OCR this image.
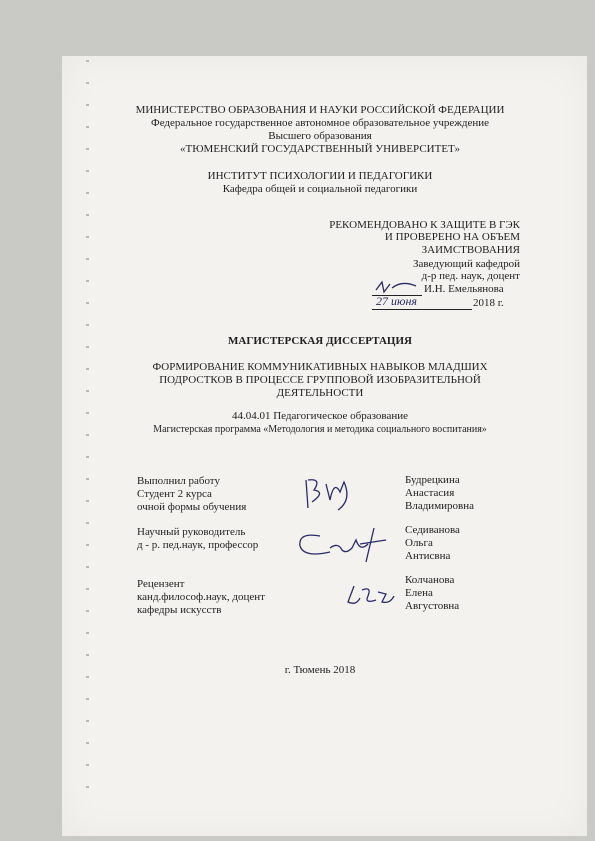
МИНИСТЕРСТВО ОБРАЗОВАНИЯ И НАУКИ РОССИЙСКОЙ ФЕДЕРАЦИИ
Федеральное государственное автономное образовательное учреждение
Высшего образования
«ТЮМЕНСКИЙ ГОСУДАРСТВЕННЫЙ УНИВЕРСИТЕТ»
ИНСТИТУТ ПСИХОЛОГИИ И ПЕДАГОГИКИ
Кафедра общей и социальной педагогики
РЕКОМЕНДОВАНО К ЗАЩИТЕ В ГЭК
И ПРОВЕРЕНО НА ОБЪЕМ
ЗАИМСТВОВАНИЯ
Заведующий кафедрой
д-р пед. наук, доцент
И.Н. Емельянова
27 июня	2018 г.
МАГИСТЕРСКАЯ ДИССЕРТАЦИЯ
ФОРМИРОВАНИЕ КОММУНИКАТИВНЫХ НАВЫКОВ МЛАДШИХ
ПОДРОСТКОВ В ПРОЦЕССЕ ГРУППОВОЙ ИЗОБРАЗИТЕЛЬНОЙ
ДЕЯТЕЛЬНОСТИ
44.04.01 Педагогическое образование
Магистерская программа «Методология и методика социального воспитания»
Выполнил работу
Студент 2 курса
очной формы обучения
Будрецкина
Анастасия
Владимировна
Научный руководитель
д - р. пед.наук, профессор
Седиванова
Ольга
Антисвна
Рецензент
канд.философ.наук, доцент
кафедры искусств
Колчанова
Елена
Августовна
г. Тюмень 2018
